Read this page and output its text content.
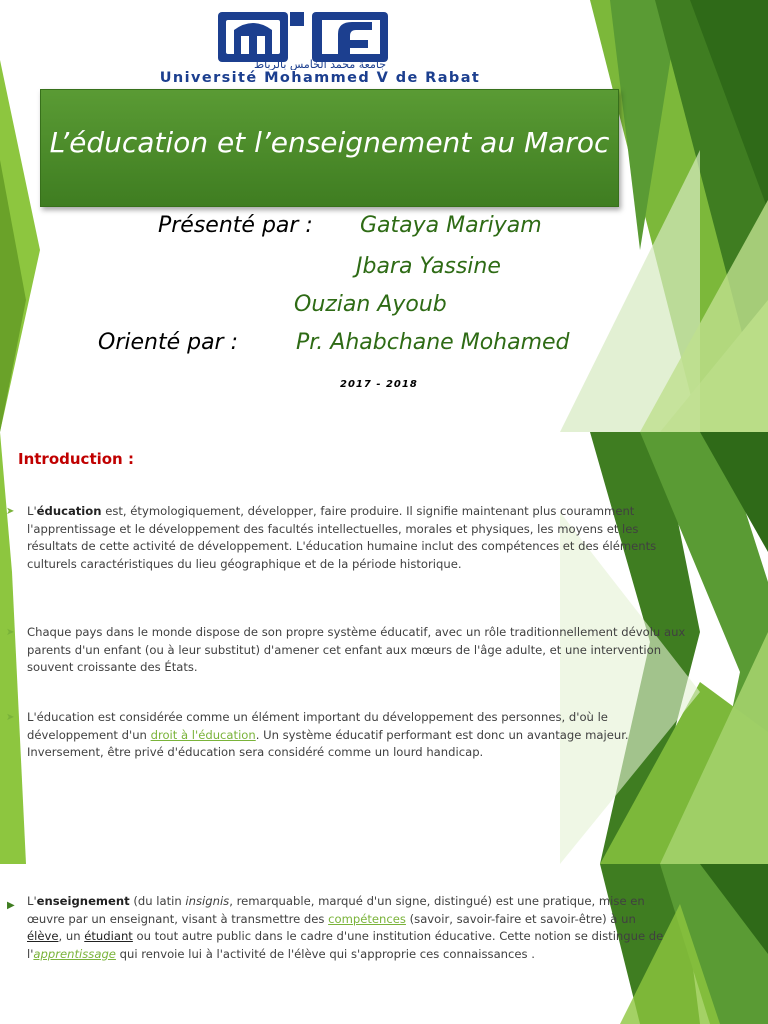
جامعة محمد الخامس بالرباط
Université Mohammed V de Rabat
L’éducation et l’enseignement au Maroc
Présenté par : Gataya Mariyam
Jbara Yassine
Ouzian Ayoub
Orienté par :	Pr. Ahabchane Mohamed
2017 - 2018
Introduction :
➤ L'éducation est, étymologiquement, développer, faire produire. Il signifie maintenant plus couramment l'apprentissage et le développement des facultés intellectuelles, morales et physiques, les moyens et les résultats de cette activité de développement. L'éducation humaine inclut des compétences et des éléments culturels caractéristiques du lieu géographique et de la période historique.
➤ Chaque pays dans le monde dispose de son propre système éducatif, avec un rôle traditionnellement dévolu aux parents d'un enfant (ou à leur substitut) d'amener cet enfant aux mœurs de l'âge adulte, et une intervention souvent croissante des États.
➤ L'éducation est considérée comme un élément important du développement des personnes, d'où le développement d'un droit à l'éducation. Un système éducatif performant est donc un avantage majeur. Inversement, être privé d'éducation sera considéré comme un lourd handicap.
▶ L'enseignement (du latin insignis, remarquable, marqué d'un signe, distingué) est une pratique, mise en œuvre par un enseignant, visant à transmettre des compétences (savoir, savoir-faire et savoir-être) à un élève, un étudiant ou tout autre public dans le cadre d'une institution éducative. Cette notion se distingue de l'apprentissage qui renvoie lui à l'activité de l'élève qui s'approprie ces connaissances .
